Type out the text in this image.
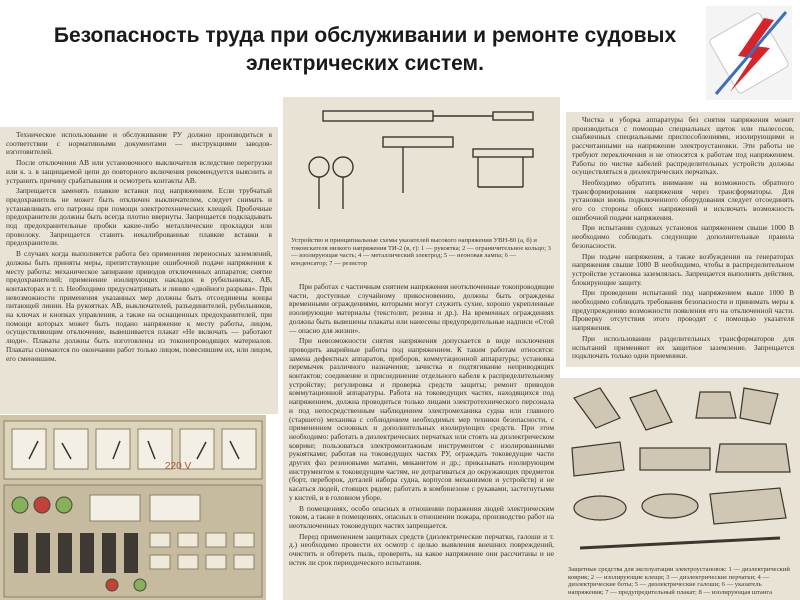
Безопасность труда при обслуживании и ремонте судовых
электрических систем.

Техническое использование и обслуживание РУ должно производиться в соответствии с нормативными документами — инструкциями заводов-изготовителей.

После отключения АВ или установочного выключателя вследствие перегрузки или к. з. в защищаемой цепи до повторного включения рекомендуется выяснить и устранить причину срабатывания и осмотреть контакты АВ.

Запрещается заменять плавкие вставки под напряжением. Если трубчатый предохранитель не может быть отключен выключателем, следует снимать и устанавливать его патроны при помощи электротехнических клещей. Пробочные предохранители должны быть всегда плотно ввернуты. Запрещается подкладывать под предохранительные пробки какие-либо металлические прокладки или проволоку. Запрещается ставить некалиброванные плавкие вставки в предохранители.

В случаях когда выполняется работа без применения переносных заземлений, должны быть приняты меры, препятствующие ошибочной подаче напряжения к месту работы: механическое запирание приводов отключенных аппаратов; снятие предохранителей; применение изолирующих накладок в рубильниках, АВ, контакторах и т. п. Необходимо предусматривать и линию «двойного разрыва». При невозможности применения указанных мер должны быть отсоединены концы питающей линии. На рукоятках АВ, выключателей, разъединителей, рубильников, на ключах и кнопках управления, а также на оснащенных предохранителей, при помощи которых может быть подано напряжение к месту работы, лицом, осуществляющим отключение, вывешивается плакат «Не включать — работают люди». Плакаты должны быть изготовлены из токонепроводящих материалов. Плакаты снимаются по окончании работ только лицом, повесившим их, или лицом, его сменившим.

220 V
Устройство и принципиальные схемы указателей высокого напряжения УВН-80 (а, б) и токоискателя низкого напряжения ТИ-2 (в, г): 1 — рукоятка; 2 — ограничительное кольцо; 3 — изолирующая часть; 4 — металлический электрод; 5 — неоновая лампа; 6 — конденсатор; 7 — резистор

При работах с частичным снятием напряжения неотключенные токопроводящие части, доступные случайному прикосновению, должны быть ограждены временными ограждениями, которыми могут служить сухие, хорошо укрепленные изолирующие материалы (текстолит, резина и др.). На временных ограждениях должны быть вывешены плакаты или нанесены предупредительные надписи «Стой — опасно для жизни».

При невозможности снятия напряжения допускается в виде исключения проводить аварийные работы под напряжением. К таким работам относятся: замена дефектных аппаратов, приборов, коммутационной аппаратуры; установка перемычек различного назначения; зачистка и подтягивание неприводящих контактов; соединение и присоединение отдельного кабеля к распределительному устройству; регулировка и проверка средств защиты; ремонт приводов коммутационной аппаратуры. Работа на токоведущих частях, находящихся под напряжением, должна проводиться только лицами электротехнического персонала и под непосредственным наблюдением электромеханика судна или главного (старшего) механика с соблюдением необходимых мер техники безопасности, с применением основных и дополнительных изолирующих средств. При этом необходимо: работать в диэлектрических перчатках или стоять на диэлектрическом коврике; пользоваться электромонтажным инструментом с изолированными рукоятками; работая на токоведущих частях РУ, ограждать токоведущие части других фаз резиновыми матами, миканитом и др.; приказывать изолирующим инструментом к токоведущим частям, не дотрагиваться до окружающих предметов (борт, переборок, деталей набора судна, корпусов механизмов и устройств) и не касаться людей, стоящих рядом; работать в комбинезоне с рукавами, застегнутыми у кистей, и в головном уборе.

В помещениях, особо опасных в отношении поражения людей электрическим током, а также в помещениях, опасных в отношении пожара, производство работ на неотключенных токоведущих частях запрещается.

Перед применением защитных средств (диэлектрические перчатки, галоши и т. д.) необходимо провести их осмотр с целью выявления внешних повреждений, очистить и обтереть пыль, проверить, на какое напряжение они рассчитаны и не истек ли срок периодического испытания.

Чистка и уборка аппаратуры без снятия напряжения может производиться с помощью специальных щеток или пылесосов, снабженных специальными приспособлениями, изолирующими и рассчитанными на напряжение электроустановки. Эти работы не требуют переключения и не относятся к работам под напряжением. Работы по чистке кабелей распределительных устройств должны осуществляться в диэлектрических перчатках.

Необходимо обратить внимание на возможность обратного трансформирования напряжения через трансформаторы. Для установки вновь подключенного оборудования следует отсоединять его со стороны обоих напряжений и исключать возможность ошибочной подачи напряжения.

При испытании судовых установок напряжением свыше 1000 В необходимо соблюдать следующие дополнительные правила безопасности.

При подаче напряжения, а также возбуждении на генераторах напряжения свыше 1000 В необходимо, чтобы в распределительном устройстве установка заземлялась. Запрещается выполнять действия, блокирующие защиту.

При проведении испытаний под напряжением выше 1000 В необходимо соблюдать требования безопасности и принимать меры к предупреждению возможности появления его на отключенной части. Проверку отсутствия этого проводят с помощью указателя напряжения.

При использовании разделительных трансформаторов для испытаний применяют их защитное заземление. Запрещается подключать только одни приемники.

Защитные средства для эксплуатации электроустановок: 1 — диэлектрический коврик; 2 — изолирующие клещи; 3 — диэлектрические перчатки; 4 — диэлектрические боты; 5 — диэлектрические галоши; 6 — указатель напряжения; 7 — предупредительный плакат; 8 — изолирующая штанга
